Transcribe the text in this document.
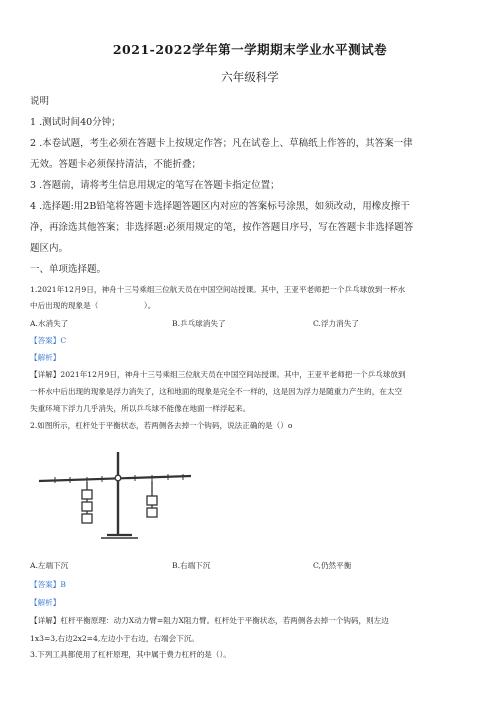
2021-2022学年第一学期期末学业水平测试卷
六年级科学
说明
1 .测试时间40分钟；
2 .本卷试题，考生必须在答题卡上按规定作答；凡在试卷上、草稿纸上作答的，其答案一律
无效。答题卡必须保持清洁，不能折叠；
3 .答题前，请将考生信息用规定的笔写在答题卡指定位置；
4 .选择题:用2B铅笔将答题卡选择题答题区内对应的答案标号涂黑，如须改动，用橡皮擦干
净，再涂选其他答案；非选择题:必须用规定的笔，按作答题目序号，写在答题卡非选择题答
题区内。
一、单项选择题。
1.2021年12月9日，神舟十三号乘组三位航天员在中国空间站授课。其中，王亚平老师把一个乒乓球放到一杯水
中后出现的现象是（　　　　　　）。
A.水消失了	B.乒乓球消失了	C.浮力消失了
【答案】C
【解析】
【详解】2021年12月9日，神舟十三号乘组三位航天员在中国空间站授课。其中，王亚平老师把一个乒乓球放到
一杯水中后出现的现象是浮力消失了，这和地面的现象是完全不一样的，这是因为浮力是随重力产生的，在太空
失重环境下浮力几乎消失，所以乒乓球不能像在地面一样浮起来。
2.如图所示，杠杆处于平衡状态，若两侧各去掉一个钩码，说法正确的是（）o
A.左端下沉	B.右端下沉	C,仍然平衡
【答案】B
【解析】
【详解】杠杆平衡原理：动力X动力臂=阻力X阻力臂。杠杆处于平衡状态，若两侧各去掉一个钩码，则左边
1x3=3,右边2x2=4,左边小于右边，右端会下沉。
3.下列工具都使用了杠杆原理，其中属于费力杠杆的是（）。
